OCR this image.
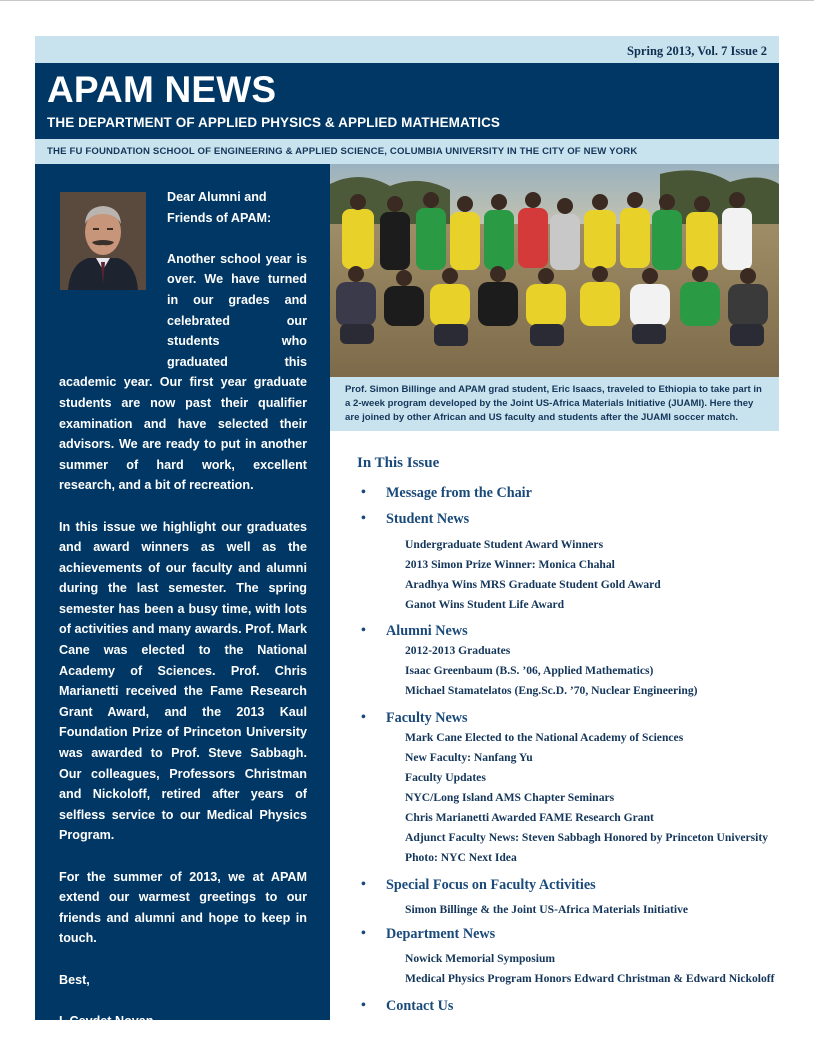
Spring 2013, Vol. 7 Issue 2
APAM NEWS
THE DEPARTMENT OF APPLIED PHYSICS & APPLIED MATHEMATICS
THE FU FOUNDATION SCHOOL OF ENGINEERING & APPLIED SCIENCE, COLUMBIA UNIVERSITY IN THE CITY OF NEW YORK

Dear Alumni and
Friends of APAM:

Another school year is over. We have turned in our grades and celebrated our students who graduated this academic year. Our first year graduate students are now past their qualifier examination and have selected their advisors. We are ready to put in another summer of hard work, excellent research, and a bit of recreation.

In this issue we highlight our graduates and award winners as well as the achievements of our faculty and alumni during the last semester. The spring semester has been a busy time, with lots of activities and many awards. Prof. Mark Cane was elected to the National Academy of Sciences. Prof. Chris Marianetti received the Fame Research Grant Award, and the 2013 Kaul Foundation Prize of Princeton University was awarded to Prof. Steve Sabbagh. Our colleagues, Professors Christman and Nickoloff, retired after years of selfless service to our Medical Physics Program.

For the summer of 2013, we at APAM extend our warmest greetings to our friends and alumni and hope to keep in touch.

Best,

I. Cevdet Noyan

Chair, APAM

Prof. Simon Billinge and APAM grad student, Eric Isaacs, traveled to Ethiopia to take part in a 2-week program developed by the Joint US-Africa Materials Initiative (JUAMI). Here they are joined by other African and US faculty and students after the JUAMI soccer match.
In This Issue
• Message from the Chair
• Student News
Undergraduate Student Award Winners
2013 Simon Prize Winner: Monica Chahal
Aradhya Wins MRS Graduate Student Gold Award
Ganot Wins Student Life Award
• Alumni News
2012-2013 Graduates
Isaac Greenbaum (B.S. ’06, Applied Mathematics)
Michael Stamatelatos (Eng.Sc.D. ’70, Nuclear Engineering)
• Faculty News
Mark Cane Elected to the National Academy of Sciences
New Faculty: Nanfang Yu
Faculty Updates
NYC/Long Island AMS Chapter Seminars
Chris Marianetti Awarded FAME Research Grant
Adjunct Faculty News: Steven Sabbagh Honored by Princeton University
Photo: NYC Next Idea
• Special Focus on Faculty Activities
Simon Billinge & the Joint US-Africa Materials Initiative
• Department News
Nowick Memorial Symposium
Medical Physics Program Honors Edward Christman & Edward Nickoloff
• Contact Us
